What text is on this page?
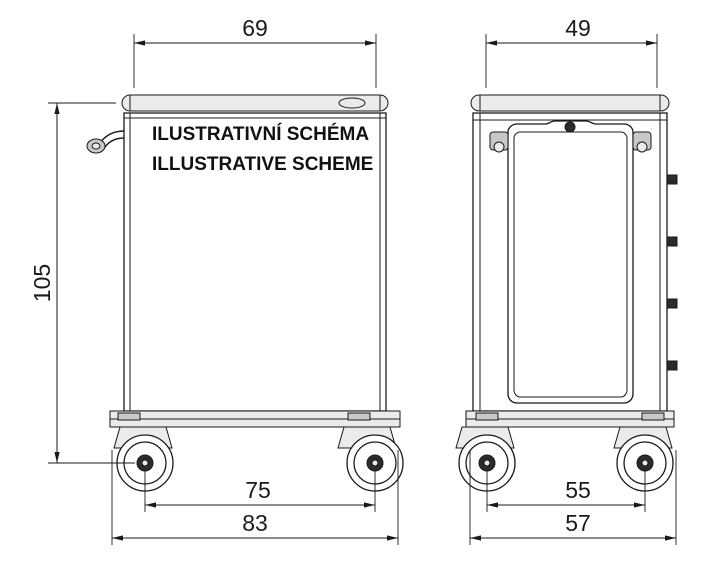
ILUSTRATIVNÍ SCHÉMA
ILLUSTRATIVE SCHEME
69
105
75
83
49
55
57
